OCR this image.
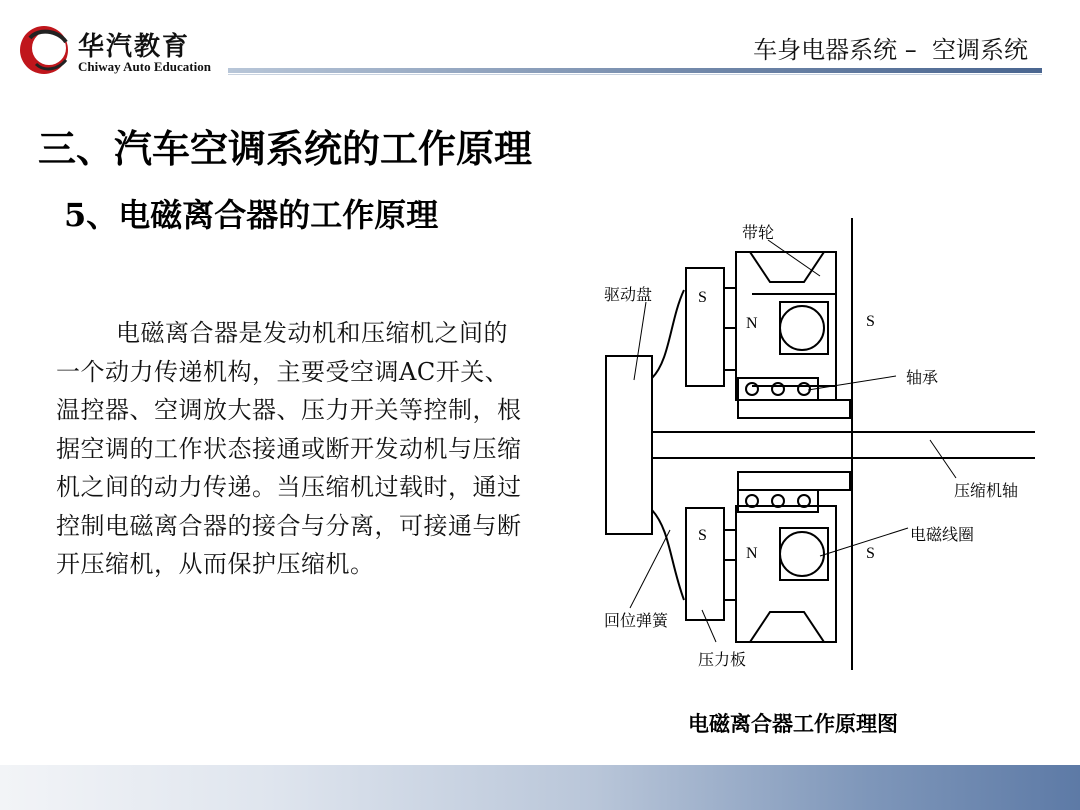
华汽教育
Chiway Auto Education
车身电器系统 –  空调系统
三、汽车空调系统的工作原理
5、电磁离合器的工作原理
电磁离合器是发动机和压缩机之间的一个动力传递机构，主要受空调AC开关、温控器、空调放大器、压力开关等控制，根据空调的工作状态接通或断开发动机与压缩机之间的动力传递。当压缩机过载时，通过控制电磁离合器的接合与分离，可接通与断开压缩机，从而保护压缩机。
S
N	S
S
N	S
带轮
驱动盘
轴承
压缩机轴
电磁线圈
回位弹簧
压力板
电磁离合器工作原理图
